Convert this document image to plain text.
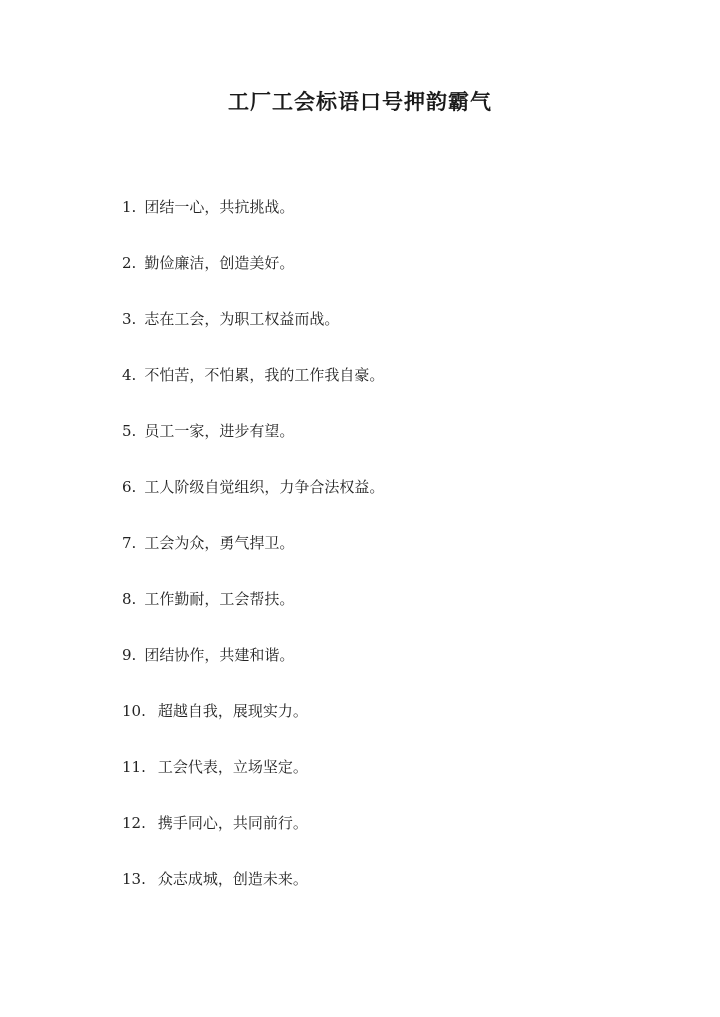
工厂工会标语口号押韵霸气
1. 团结一心，共抗挑战。
2. 勤俭廉洁，创造美好。
3. 志在工会，为职工权益而战。
4. 不怕苦，不怕累，我的工作我自豪。
5. 员工一家，进步有望。
6. 工人阶级自觉组织，力争合法权益。
7. 工会为众，勇气捍卫。
8. 工作勤耐，工会帮扶。
9. 团结协作，共建和谐。
10. 超越自我，展现实力。
11. 工会代表，立场坚定。
12. 携手同心，共同前行。
13. 众志成城，创造未来。
